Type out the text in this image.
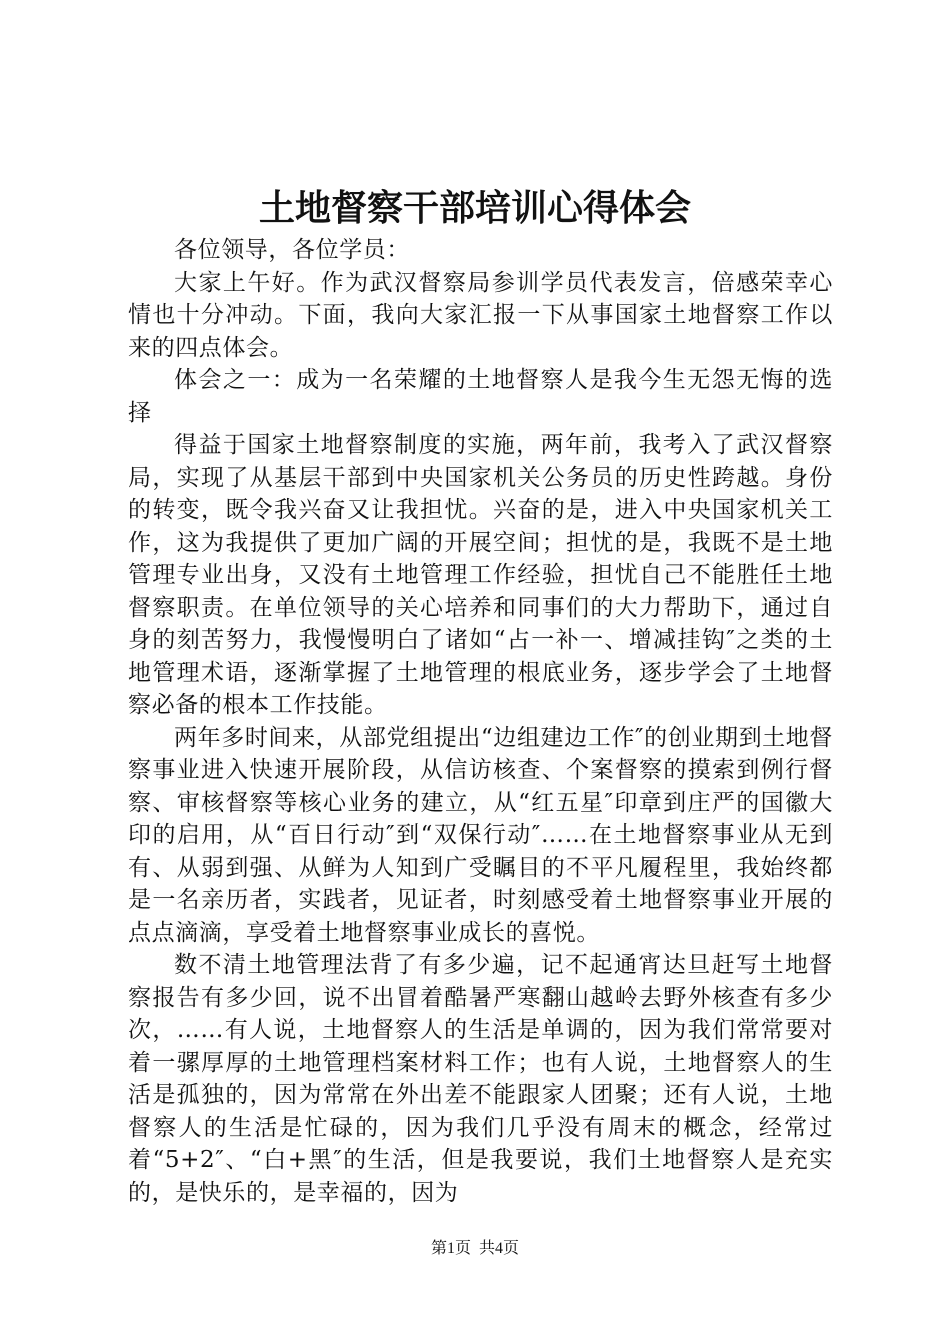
土地督察干部培训心得体会

各位领导，各位学员：

大家上午好。作为武汉督察局参训学员代表发言，倍感荣幸心情也十分冲动。下面，我向大家汇报一下从事国家土地督察工作以来的四点体会。

体会之一：成为一名荣耀的土地督察人是我今生无怨无悔的选择

得益于国家土地督察制度的实施，两年前，我考入了武汉督察局，实现了从基层干部到中央国家机关公务员的历史性跨越。身份的转变，既令我兴奋又让我担忧。兴奋的是，进入中央国家机关工作，这为我提供了更加广阔的开展空间；担忧的是，我既不是土地管理专业出身，又没有土地管理工作经验，担忧自己不能胜任土地督察职责。在单位领导的关心培养和同事们的大力帮助下，通过自身的刻苦努力，我慢慢明白了诸如“占一补一、增减挂钩″之类的土地管理术语，逐渐掌握了土地管理的根底业务，逐步学会了土地督察必备的根本工作技能。

两年多时间来，从部党组提出“边组建边工作″的创业期到土地督察事业进入快速开展阶段，从信访核查、个案督察的摸索到例行督察、审核督察等核心业务的建立，从“红五星″印章到庄严的国徽大印的启用，从“百日行动″到“双保行动″……在土地督察事业从无到有、从弱到强、从鲜为人知到广受瞩目的不平凡履程里，我始终都是一名亲历者，实践者，见证者，时刻感受着土地督察事业开展的点点滴滴，享受着土地督察事业成长的喜悦。

数不清土地管理法背了有多少遍，记不起通宵达旦赶写土地督察报告有多少回，说不出冒着酷暑严寒翻山越岭去野外核查有多少次，……有人说，土地督察人的生活是单调的，因为我们常常要对着一骡厚厚的土地管理档案材料工作；也有人说，土地督察人的生活是孤独的，因为常常在外出差不能跟家人团聚；还有人说，土地督察人的生活是忙碌的，因为我们几乎没有周末的概念，经常过着“5+2″、“白+黑″的生活，但是我要说，我们土地督察人是充实的，是快乐的，是幸福的，因为

第1页 共4页
